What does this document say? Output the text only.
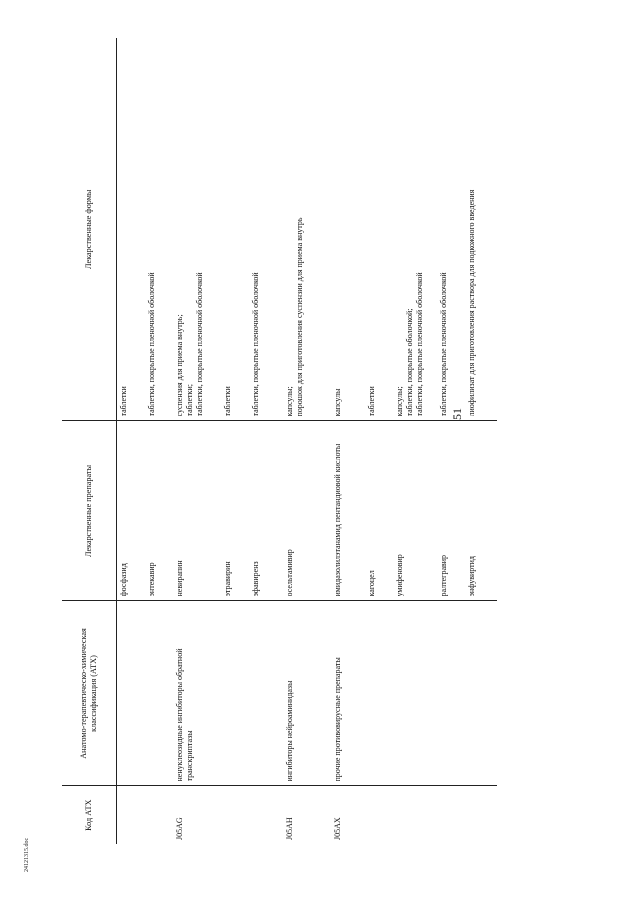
51
Код АТХ	Анатомо-терапевтическо-химическая классификация (АТХ)	Лекарственные препараты	Лекарственные формы

		фосфазид	таблетки

		энтекавир	таблетки, покрытые пленочной оболочкой

J05AG	ненуклеозидные ингибиторы обратной транскриптазы	невирапин	суспензия для приема внутрь; таблетки; таблетки, покрытые пленочной оболочкой

		этравирин	таблетки

		эфавиренз	таблетки, покрытые пленочной оболочкой

J05AH	ингибиторы нейроаминидазы	осельтамивир	капсулы; порошок для приготовления суспензии для приема внутрь

J05AX	прочие противовирусные препараты	имидазолилэтанамид пентандиовой кислоты	капсулы

		кагоцел	таблетки

		умифеновир	капсулы; таблетки, покрытые оболочкой; таблетки, покрытые пленочной оболочкой

		ралтегравир	таблетки, покрытые пленочной оболочкой

		энфувиртид	лиофилизат для приготовления раствора для подкожного введения
24121315.doc
